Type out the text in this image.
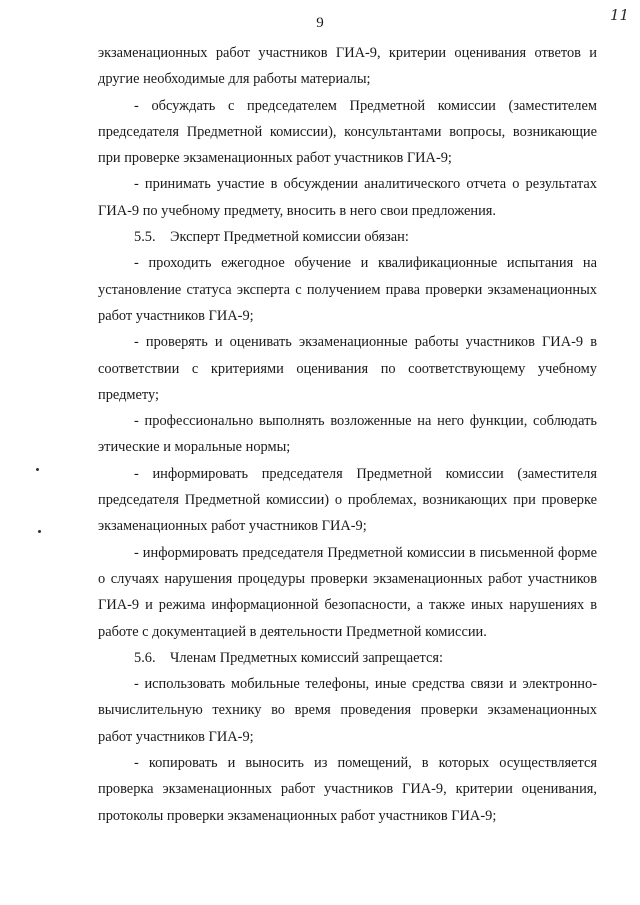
9	11

экзаменационных работ участников ГИА-9, критерии оценивания ответов и другие необходимые для работы материалы;

- обсуждать с председателем Предметной комиссии (заместителем председателя Предметной комиссии), консультантами вопросы, возникающие при проверке экзаменационных работ участников ГИА-9;

- принимать участие в обсуждении аналитического отчета о результатах ГИА-9 по учебному предмету, вносить в него свои предложения.

5.5.    Эксперт Предметной комиссии обязан:

- проходить ежегодное обучение и квалификационные испытания на установление статуса эксперта с получением права проверки экзаменационных работ участников ГИА-9;

- проверять и оценивать экзаменационные работы участников ГИА-9 в соответствии с критериями оценивания по соответствующему учебному предмету;

- профессионально выполнять возложенные на него функции, соблюдать этические и моральные нормы;

- информировать председателя Предметной комиссии (заместителя председателя Предметной комиссии) о проблемах, возникающих при проверке экзаменационных работ участников ГИА-9;

- информировать председателя Предметной комиссии в письменной форме о случаях нарушения процедуры проверки экзаменационных работ участников ГИА-9 и режима информационной безопасности, а также иных нарушениях в работе с документацией в деятельности Предметной комиссии.

5.6.    Членам Предметных комиссий запрещается:

- использовать мобильные телефоны, иные средства связи и электронно-вычислительную технику во время проведения проверки экзаменационных работ участников ГИА-9;

- копировать и выносить из помещений, в которых осуществляется проверка экзаменационных работ участников ГИА-9, критерии оценивания, протоколы проверки экзаменационных работ участников ГИА-9;
